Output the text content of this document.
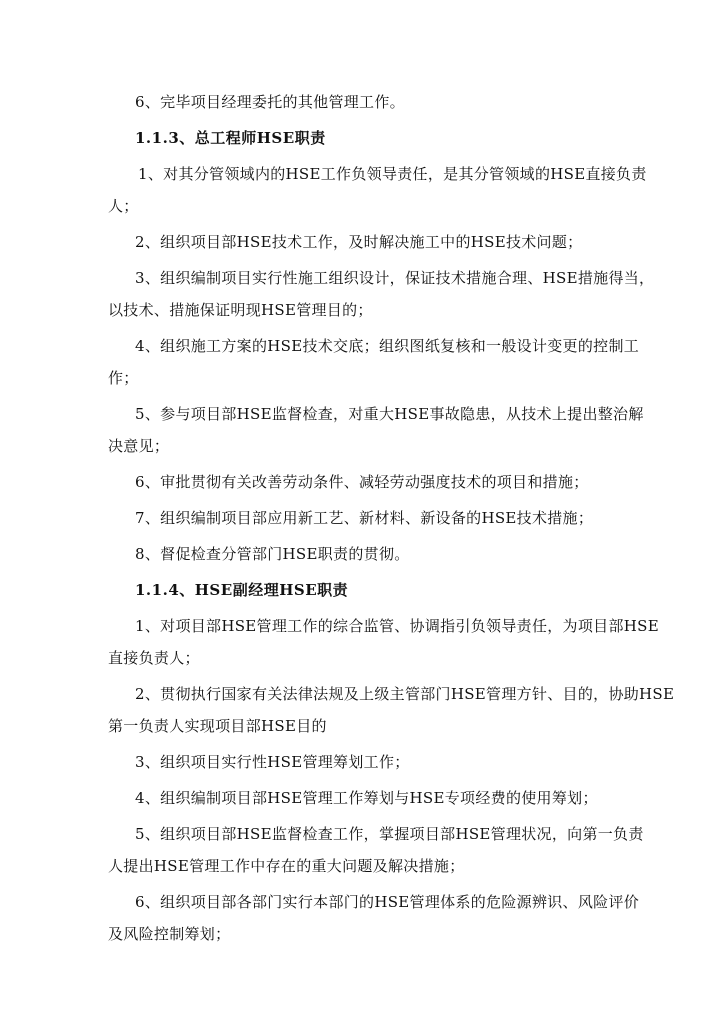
6、完毕项目经理委托的其他管理工作。
1.1.3、总工程师HSE职责
1、对其分管领域内的HSE工作负领导责任，是其分管领域的HSE直接负责
人；
2、组织项目部HSE技术工作，及时解决施工中的HSE技术问题；
3、组织编制项目实行性施工组织设计，保证技术措施合理、HSE措施得当，
以技术、措施保证明现HSE管理目的；
4、组织施工方案的HSE技术交底；组织图纸复核和一般设计变更的控制工
作；
5、参与项目部HSE监督检查，对重大HSE事故隐患，从技术上提出整治解
决意见；
6、审批贯彻有关改善劳动条件、减轻劳动强度技术的项目和措施；
7、组织编制项目部应用新工艺、新材料、新设备的HSE技术措施；
8、督促检查分管部门HSE职责的贯彻。
1.1.4、HSE副经理HSE职责
1、对项目部HSE管理工作的综合监管、协调指引负领导责任，为项目部HSE
直接负责人；
2、贯彻执行国家有关法律法规及上级主管部门HSE管理方针、目的，协助HSE
第一负责人实现项目部HSE目的
3、组织项目实行性HSE管理筹划工作；
4、组织编制项目部HSE管理工作筹划与HSE专项经费的使用筹划；
5、组织项目部HSE监督检查工作，掌握项目部HSE管理状况，向第一负责
人提出HSE管理工作中存在的重大问题及解决措施；
6、组织项目部各部门实行本部门的HSE管理体系的危险源辨识、风险评价
及风险控制筹划；
